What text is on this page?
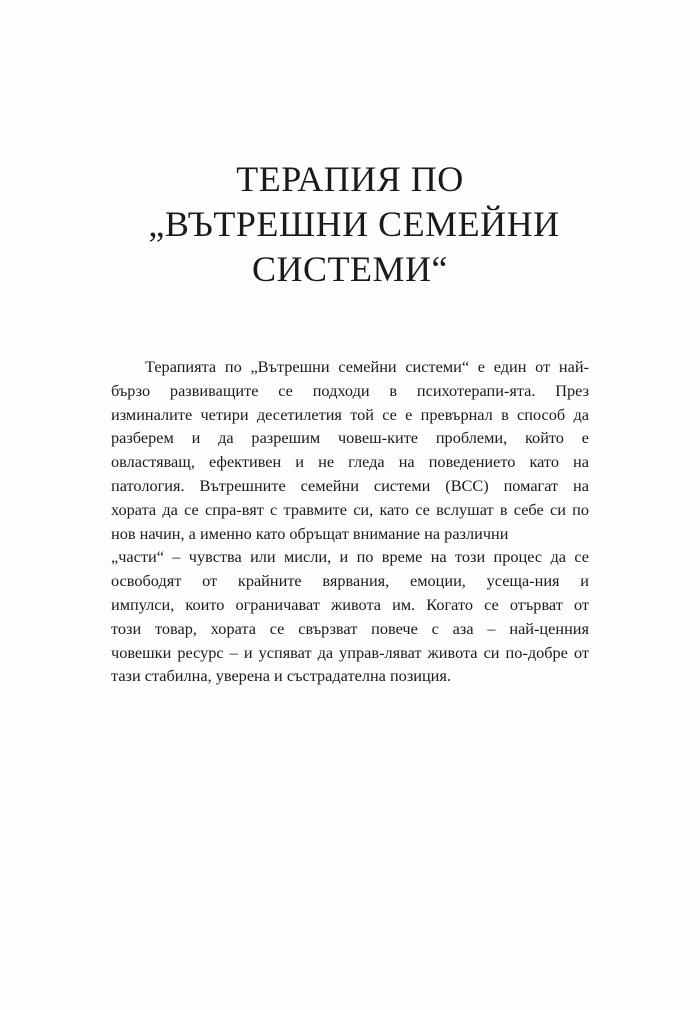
ТЕРАПИЯ ПО
„ВЪТРЕШНИ СЕМЕЙНИ
СИСТЕМИ“
Терапията по „Вътрешни семейни системи“ е един от най-
бързо развиващите се подходи в психотерапи-ята. През
изминалите четири десетилетия той се е превърнал в способ да
разберем и да разрешим човеш-ките проблеми, който е
овластяващ, ефективен и не гледа на поведението като на
патология. Вътрешните семейни системи (ВСС) помагат на
хората да се спра-вят с травмите си, като се вслушат в себе си по
нов начин, а именно като обръщат внимание на различни
„части“ – чувства или мисли, и по време на този процес да се
освободят от крайните вярвания, емоции, усеща-ния и
импулси, които ограничават живота им. Когато се отърват от
този товар, хората се свързват повече с аза – най-ценния
човешки ресурс – и успяват да управ-ляват живота си по-добре от
тази стабилна, уверена и състрадателна позиция.
